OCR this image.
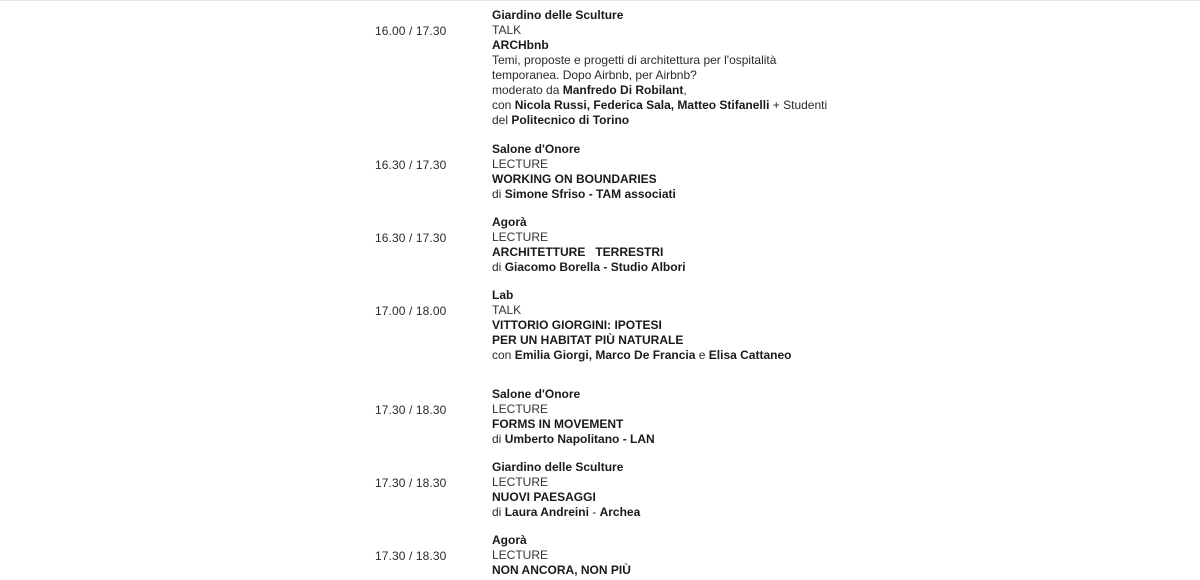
16.00 / 17.30
Giardino delle Sculture
TALK
ARCHbnb
Temi, proposte e progetti di architettura per l'ospitalità
temporanea. Dopo Airbnb, per Airbnb?
moderato da Manfredo Di Robilant,
con Nicola Russi, Federica Sala, Matteo Stifanelli + Studenti
del Politecnico di Torino
16.30 / 17.30
Salone d'Onore
LECTURE
WORKING ON BOUNDARIES
di Simone Sfriso - TAM associati
16.30 / 17.30
Agorà
LECTURE
ARCHITETTURE   TERRESTRI
di Giacomo Borella - Studio Albori
17.00 / 18.00
Lab
TALK
VITTORIO GIORGINI: IPOTESI
PER UN HABITAT PIÙ NATURALE
con Emilia Giorgi, Marco De Francia e Elisa Cattaneo
17.30 / 18.30
Salone d'Onore
LECTURE
FORMS IN MOVEMENT
di Umberto Napolitano - LAN
17.30 / 18.30
Giardino delle Sculture
LECTURE
NUOVI PAESAGGI
di Laura Andreini - Archea
17.30 / 18.30
Agorà
LECTURE
NON ANCORA, NON PIÙ
